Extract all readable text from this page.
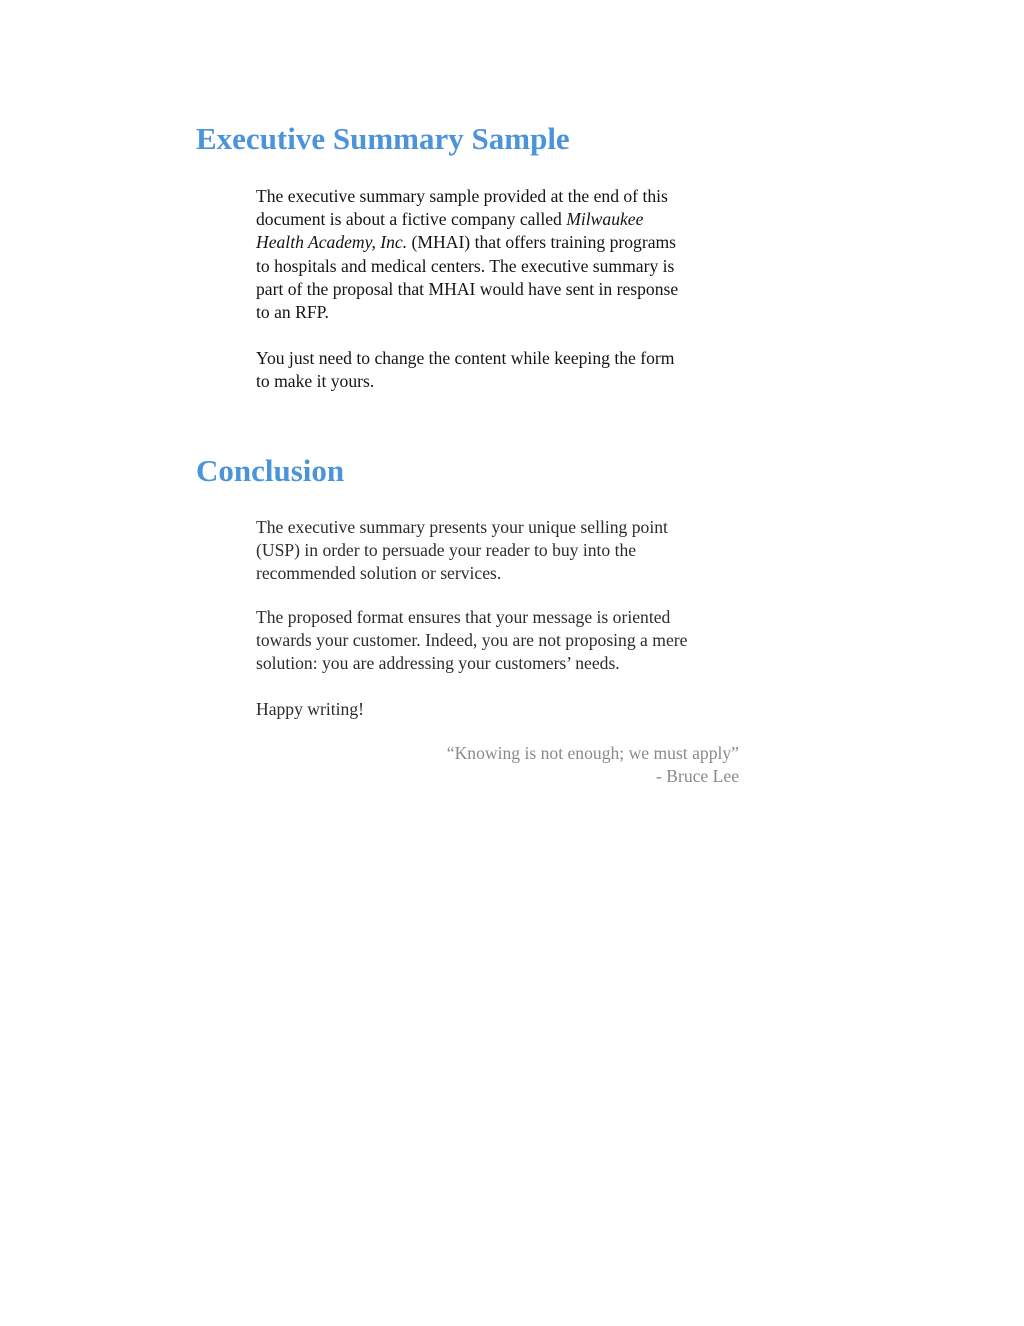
Executive Summary Sample

The executive summary sample provided at the end of this
document is about a fictive company called Milwaukee
Health Academy, Inc. (MHAI) that offers training programs
to hospitals and medical centers. The executive summary is
part of the proposal that MHAI would have sent in response
to an RFP.

You just need to change the content while keeping the form
to make it yours.

Conclusion

The executive summary presents your unique selling point
(USP) in order to persuade your reader to buy into the
recommended solution or services.

The proposed format ensures that your message is oriented
towards your customer. Indeed, you are not proposing a mere
solution: you are addressing your customers’ needs.

Happy writing!

“Knowing is not enough; we must apply”
- Bruce Lee
